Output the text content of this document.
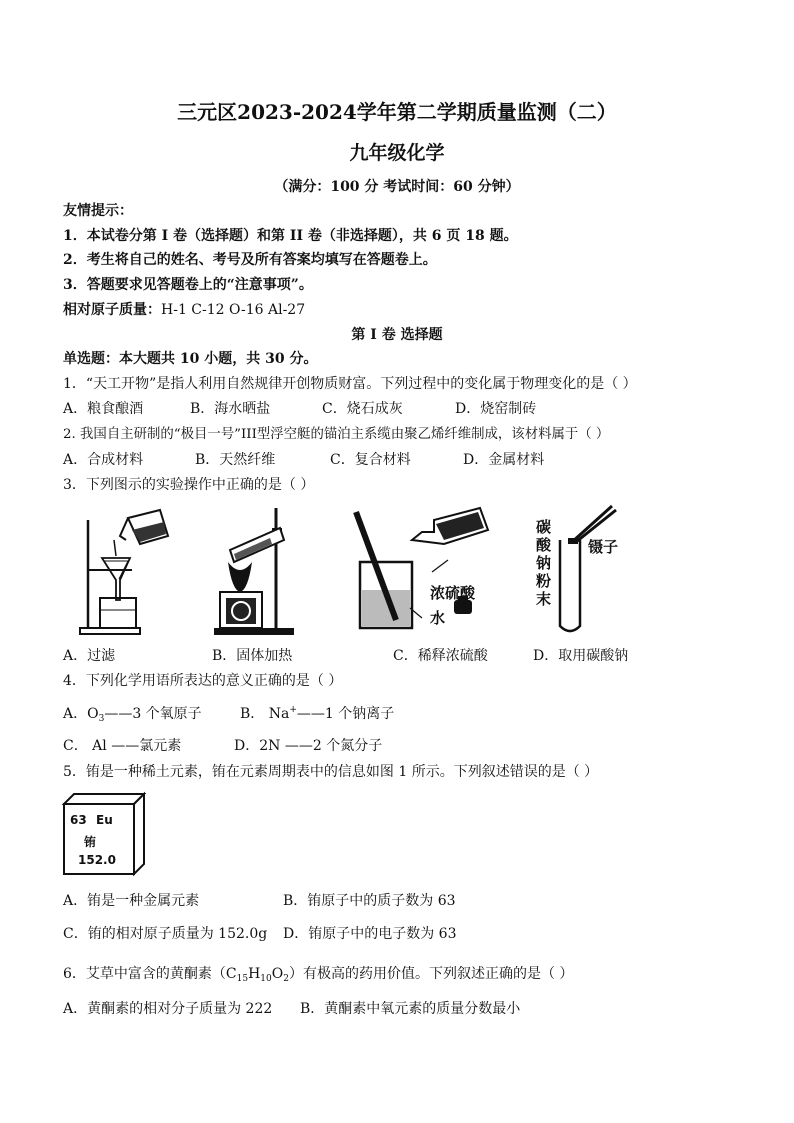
三元区2023-2024学年第二学期质量监测（二）
九年级化学
（满分：100 分 考试时间：60 分钟）
友情提示：
1．本试卷分第 I 卷（选择题）和第 II 卷（非选择题），共 6 页 18 题。
2．考生将自己的姓名、考号及所有答案均填写在答题卷上。
3．答题要求见答题卷上的“注意事项”。
相对原子质量：H-1 C-12 O-16 Al-27
第 I 卷 选择题
单选题：本大题共 10 小题，共 30 分。
1．“天工开物”是指人利用自然规律开创物质财富。下列过程中的变化属于物理变化的是（ ）
A．粮食酿酒	B．海水晒盐	C．烧石成灰	D．烧窑制砖
2. 我国自主研制的“极目一号”III型浮空艇的锚泊主系缆由聚乙烯纤维制成，该材料属于（ ）
A．合成材料	B．天然纤维	C．复合材料	D．金属材料
3．下列图示的实验操作中正确的是（ ）
浓硫酸
水
碳
酸
钠
粉
末
镊子
A．过滤	B．固体加热	C．稀释浓硫酸	D．取用碳酸钠
4．下列化学用语所表达的意义正确的是（ ）
A．$O_3——3$ 个氧原子	B． Na+——1 个钠离子
C． Al ——氯元素	D．2N ——2 个氮分子
5．铕是一种稀土元素，铕在元素周期表中的信息如图 1 所示。下列叙述错误的是（ ）
63 Eu
铕
152.0
A．铕是一种金属元素	B．铕原子中的质子数为 63
C．铕的相对原子质量为 152.0g D．铕原子中的电子数为 63
6．艾草中富含的黄酮素$(C_{15}H_{10}O_2)$有极高的药用价值。下列叙述正确的是（ ）
A．黄酮素的相对分子质量为 222 B．黄酮素中氧元素的质量分数最小
